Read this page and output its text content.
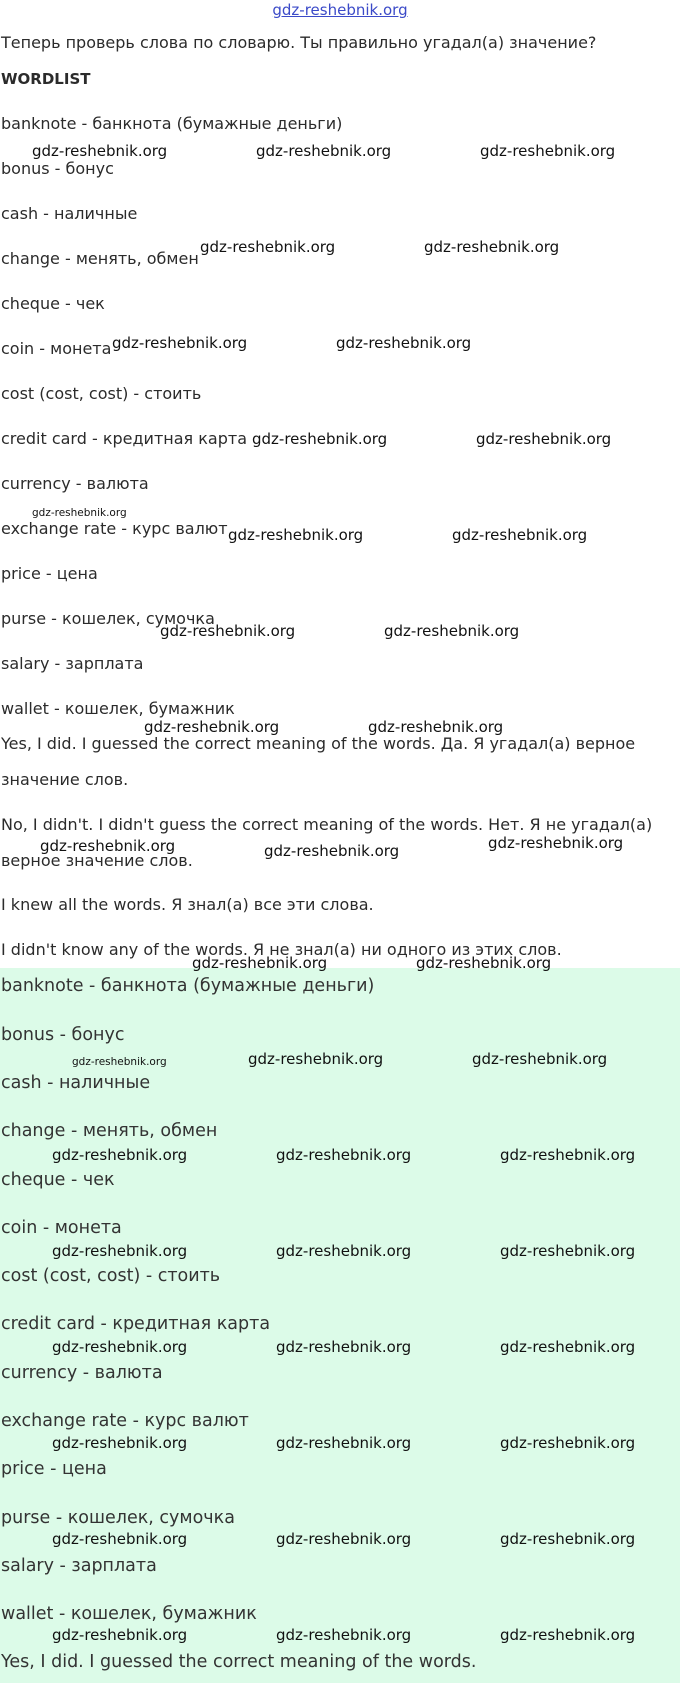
gdz-reshebnik.org
Теперь проверь слова по словарю. Ты правильно угадал(а) значение?
WORDLIST
banknote - банкнота (бумажные деньги)
bonus - бонус
cash - наличные
change - менять, обмен
cheque - чек
coin - монета
cost (cost, cost) - стоить
credit card - кредитная карта
currency - валюта
exchange rate - курс валют
price - цена
purse - кошелек, сумочка
salary - зарплата
wallet - кошелек, бумажник
Yes, I did. I guessed the correct meaning of the words. Да. Я угадал(а) верное
значение слов.
No, I didn't. I didn't guess the correct meaning of the words. Нет. Я не угадал(а)
верное значение слов.
I knew all the words. Я знал(а) все эти слова.
I didn't know any of the words. Я не знал(а) ни одного из этих слов.
banknote - банкнота (бумажные деньги)
bonus - бонус
cash - наличные
change - менять, обмен
cheque - чек
coin - монета
cost (cost, cost) - стоить
credit card - кредитная карта
currency - валюта
exchange rate - курс валют
price - цена
purse - кошелек, сумочка
salary - зарплата
wallet - кошелек, бумажник
Yes, I did. I guessed the correct meaning of the words.
gdz-reshebnik.org	gdz-reshebnik.org	gdz-reshebnik.org
gdz-reshebnik.org	gdz-reshebnik.org
gdz-reshebnik.org	gdz-reshebnik.org
gdz-reshebnik.org	gdz-reshebnik.org
gdz-reshebnik.org
gdz-reshebnik.org	gdz-reshebnik.org
gdz-reshebnik.org	gdz-reshebnik.org
gdz-reshebnik.org	gdz-reshebnik.org
gdz-reshebnik.org	gdz-reshebnik.org	gdz-reshebnik.org
gdz-reshebnik.org	gdz-reshebnik.org
gdz-reshebnik.org	gdz-reshebnik.org	gdz-reshebnik.org
gdz-reshebnik.org	gdz-reshebnik.org	gdz-reshebnik.org
gdz-reshebnik.org	gdz-reshebnik.org	gdz-reshebnik.org
gdz-reshebnik.org	gdz-reshebnik.org	gdz-reshebnik.org
gdz-reshebnik.org	gdz-reshebnik.org	gdz-reshebnik.org
gdz-reshebnik.org	gdz-reshebnik.org	gdz-reshebnik.org
gdz-reshebnik.org	gdz-reshebnik.org	gdz-reshebnik.org
